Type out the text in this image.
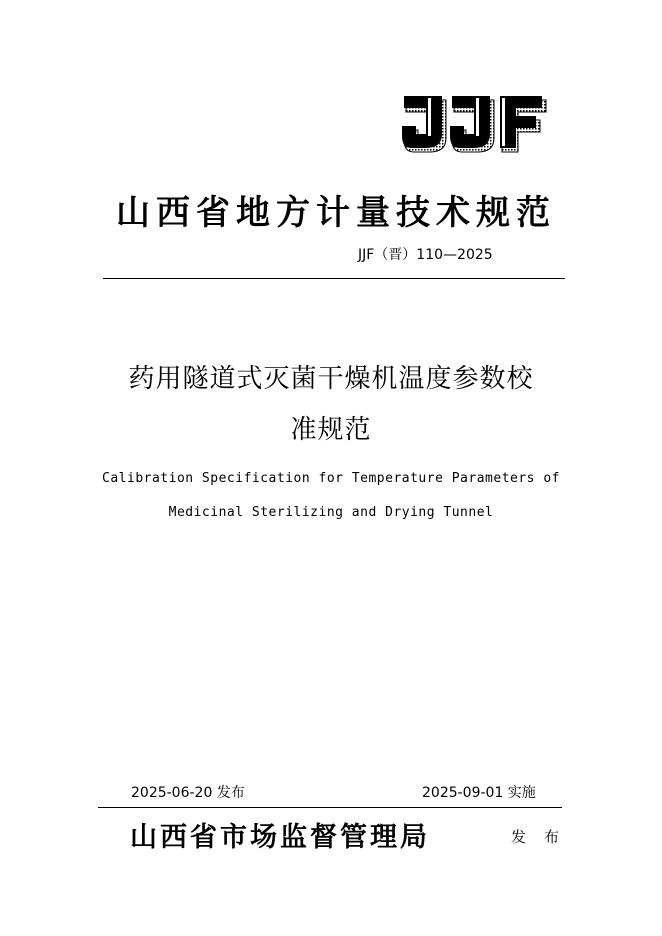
山西省地方计量技术规范
JJF（晋）110—2025
药用隧道式灭菌干燥机温度参数校
准规范
Calibration Specification for Temperature Parameters of
Medicinal Sterilizing and Drying Tunnel
2025-06-20 发布	2025-09-01 实施
山西省市场监督管理局	发布
